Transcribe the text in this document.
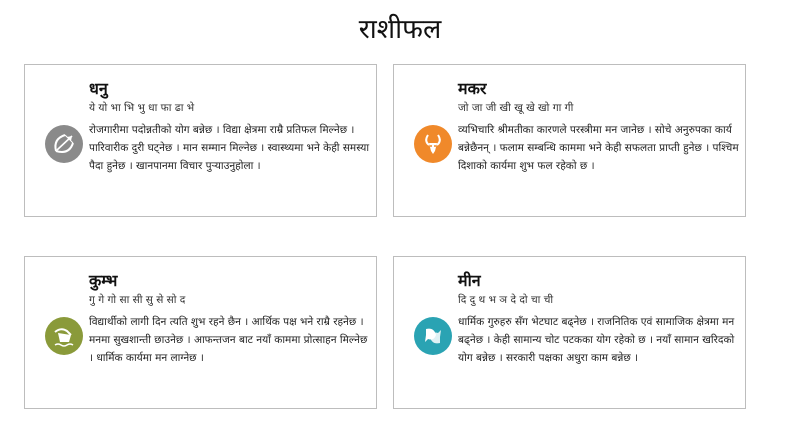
राशीफल
धनु
ये यो भा भि भु धा फा ढा भे
रोजगारीमा पदोन्नतीको योग बन्नेछ । विद्या क्षेत्रमा राम्रै प्रतिफल मिल्नेछ । पारिवारीक दुरी घट्नेछ । मान सम्मान मिल्नेछ । स्वास्थ्यमा भने केही समस्या पैदा हुनेछ । खानपानमा विचार पुऱ्याउनुहोला ।
मकर
जो जा जी खी खू खे खो गा गी
व्यभिचारि श्रीमतीका कारणले परस्त्रीमा मन जानेछ । सोचे अनुरुपका कार्य बन्नेछैनन् । फलाम सम्बन्धि काममा भने केही सफलता प्राप्ती हुनेछ । पश्चिम दिशाको कार्यमा शुभ फल रहेको छ ।
कुम्भ
गु गे गो सा सी सु से सो द
विद्यार्थीको लागी दिन त्यति शुभ रहने छैन । आर्थिक पक्ष भने राम्रै रहनेछ । मनमा सुखशान्ती छाउनेछ । आफन्तजन बाट नयाँ काममा प्रोत्साहन मिल्नेछ । धार्मिक कार्यमा मन लाग्नेछ ।
मीन
दि दु थ भ ञ दे दो चा ची
धार्मिक गुरुहरु सँग भेटघाट बढ्नेछ । राजनितिक एवं सामाजिक क्षेत्रमा मन बढ्नेछ । केही सामान्य चोट पटकका योग रहेको छ । नयाँ सामान खरिदको योग बन्नेछ । सरकारी पक्षका अधुरा काम बन्नेछ ।
